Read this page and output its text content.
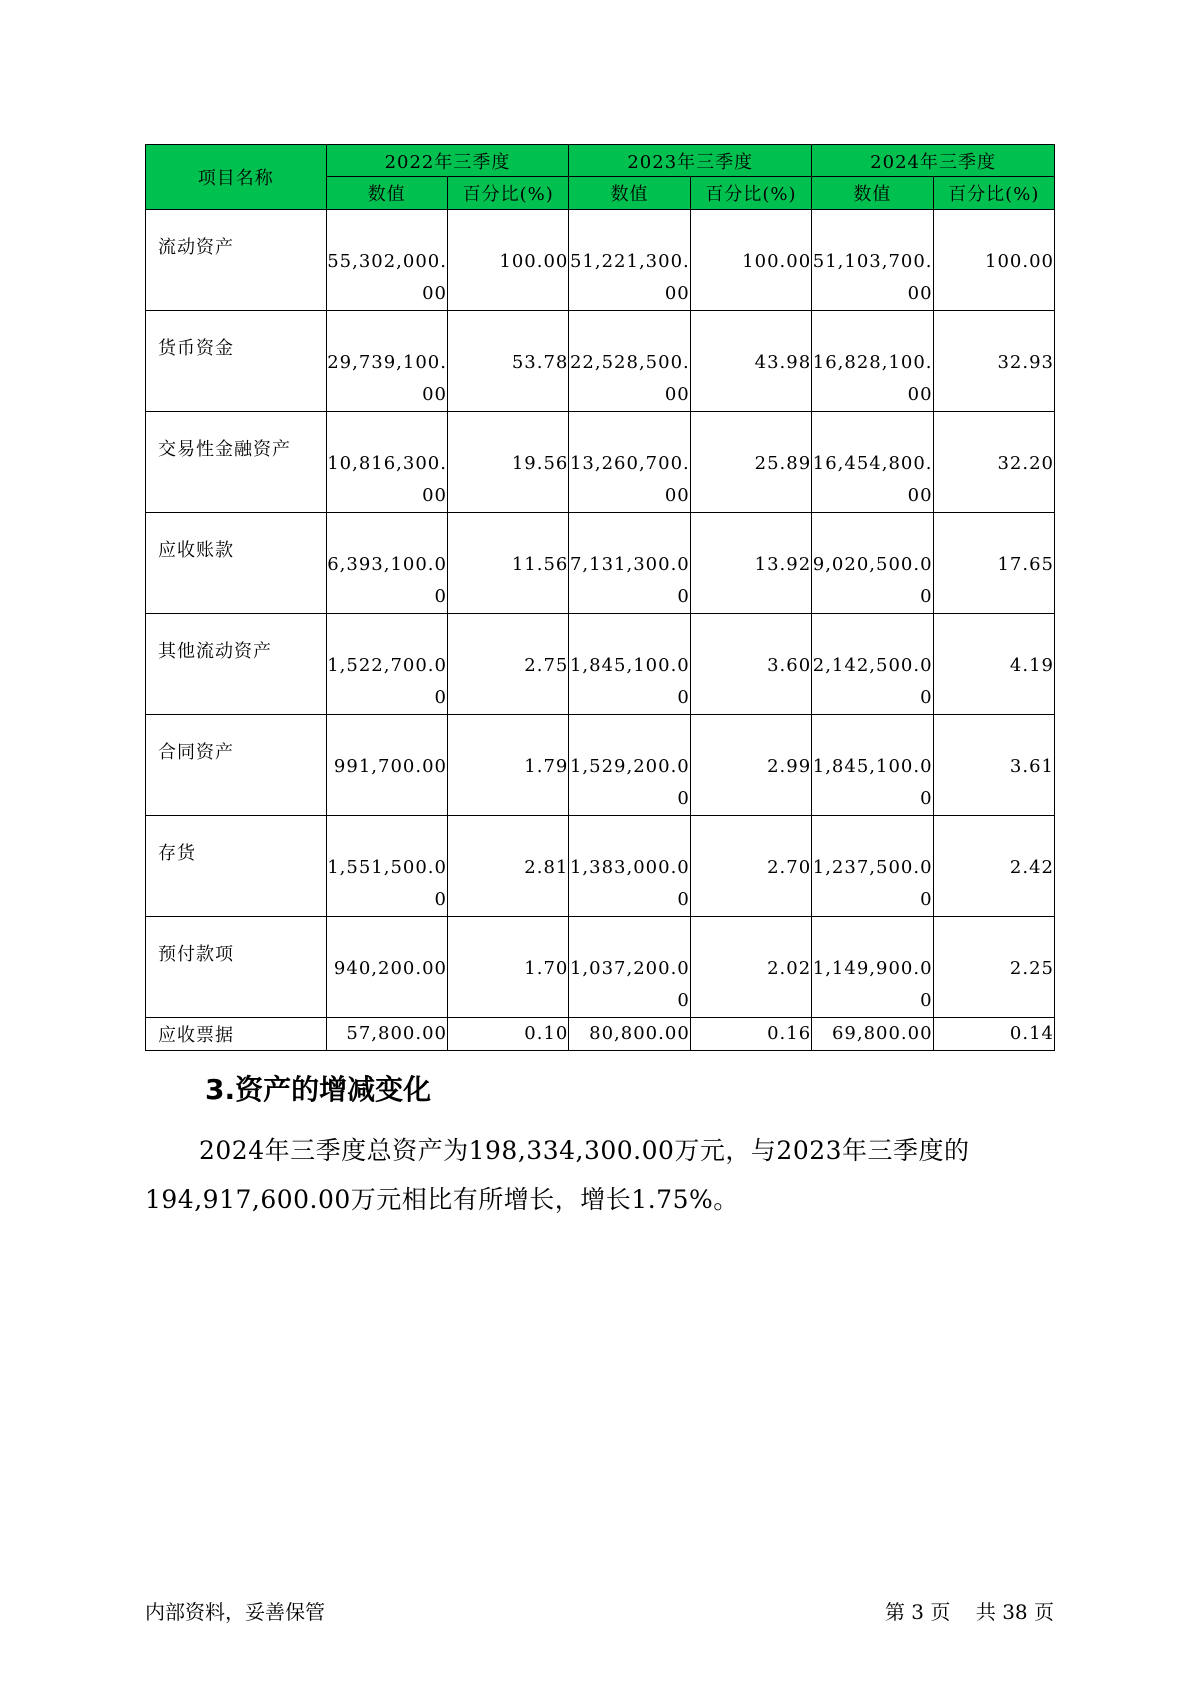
项目名称	2022年三季度		2023年三季度		2024年三季度	
	数值	百分比(%)	数值	百分比(%)	数值	百分比(%)
流动资产	55,302,000.00	100.00	51,221,300.00	100.00	51,103,700.00	100.00

货币资金	29,739,100.00	53.78	22,528,500.00	43.98	16,828,100.00	32.93

交易性金融资产	10,816,300.00	19.56	13,260,700.00	25.89	16,454,800.00	32.20

应收账款	6,393,100.00	11.56	7,131,300.00	13.92	9,020,500.00	17.65

其他流动资产	1,522,700.00	2.75	1,845,100.00	3.60	2,142,500.00	4.19

合同资产	991,700.00	1.79	1,529,200.00	2.99	1,845,100.00	3.61

存货	1,551,500.00	2.81	1,383,000.00	2.70	1,237,500.00	2.42

预付款项	940,200.00	1.70	1,037,200.00	2.02	1,149,900.00	2.25

应收票据	57,800.00	0.10	80,800.00	0.16	69,800.00	0.14
3.资产的增减变化

2024年三季度总资产为198,334,300.00万元，与2023年三季度的194,917,600.00万元相比有所增长，增长1.75%。

内部资料，妥善保管	第 3 页 共 38 页
